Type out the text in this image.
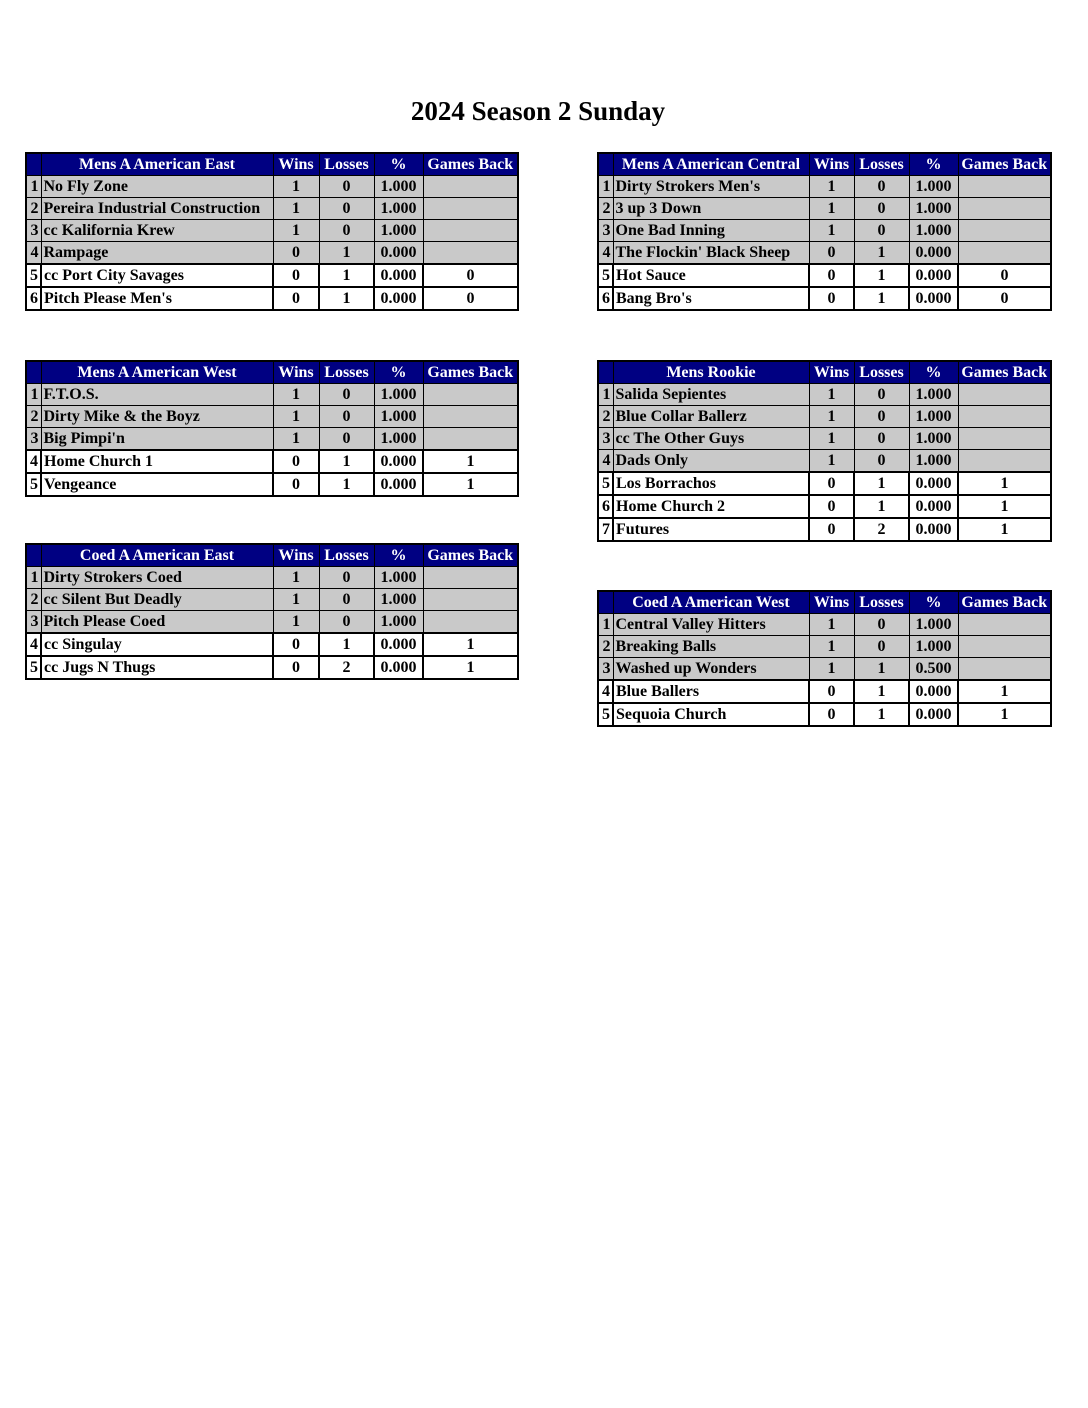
2024 Season 2 Sunday
	Mens A American East	Wins	Losses	%	Games Back
1	No Fly Zone	1	0	1.000	
2	Pereira Industrial Construction	1	0	1.000	
3	cc Kalifornia Krew	1	0	1.000	
4	Rampage	0	1	0.000	
5	cc Port City Savages	0	1	0.000	0
6	Pitch Please Men's	0	1	0.000	0
	Mens A American Central	Wins	Losses	%	Games Back
1	Dirty Strokers Men's	1	0	1.000	
2	3 up 3 Down	1	0	1.000	
3	One Bad Inning	1	0	1.000	
4	The Flockin' Black Sheep	0	1	0.000	
5	Hot Sauce	0	1	0.000	0
6	Bang Bro's	0	1	0.000	0
	Mens A American West	Wins	Losses	%	Games Back
1	F.T.O.S.	1	0	1.000	
2	Dirty Mike & the Boyz	1	0	1.000	
3	Big Pimpi'n	1	0	1.000	
4	Home Church 1	0	1	0.000	1
5	Vengeance	0	1	0.000	1
	Mens Rookie	Wins	Losses	%	Games Back
1	Salida Sepientes	1	0	1.000	
2	Blue Collar Ballerz	1	0	1.000	
3	cc The Other Guys	1	0	1.000	
4	Dads Only	1	0	1.000	
5	Los Borrachos	0	1	0.000	1
6	Home Church 2	0	1	0.000	1
7	Futures	0	2	0.000	1
	Coed A American East	Wins	Losses	%	Games Back
1	Dirty Strokers Coed	1	0	1.000	
2	cc Silent But Deadly	1	0	1.000	
3	Pitch Please Coed	1	0	1.000	
4	cc Singulay	0	1	0.000	1
5	cc Jugs N Thugs	0	2	0.000	1
	Coed A American West	Wins	Losses	%	Games Back
1	Central Valley Hitters	1	0	1.000	
2	Breaking Balls	1	0	1.000	
3	Washed up Wonders	1	1	0.500	
4	Blue Ballers	0	1	0.000	1
5	Sequoia Church	0	1	0.000	1
